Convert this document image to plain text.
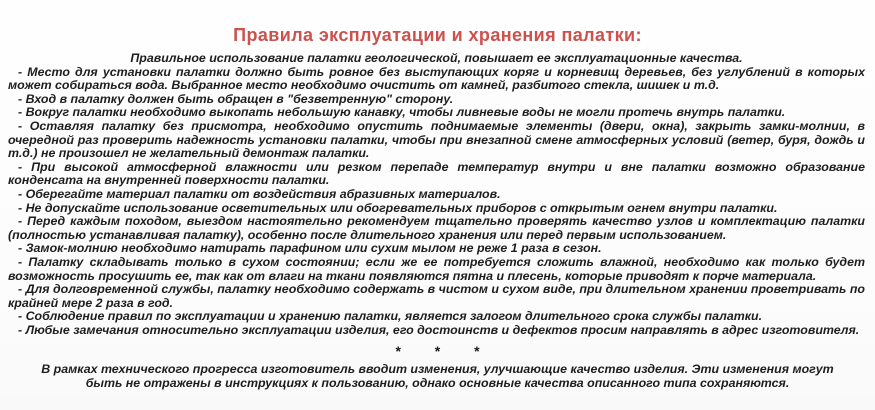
Правила эксплуатации и хранения палатки:

Правильное использование палатки геологической, повышает ее эксплуатационные качества.

- Место для установки палатки должно быть ровное без выступающих коряг и корневищ деревьев, без углублений в которых может собираться вода. Выбранное место необходимо очистить от камней, разбитого стекла, шишек и т.д.

- Вход в палатку должен быть обращен в "безветренную" сторону.

- Вокруг палатки необходимо выкопать небольшую канавку, чтобы ливневые воды не могли протечь внутрь палатки.

- Оставляя палатку без присмотра, необходимо опустить поднимаемые элементы (двери, окна), закрыть замки-молнии, в очередной раз проверить надежность установки палатки, чтобы при внезапной смене атмосферных условий (ветер, буря, дождь и т.д.) не произошел не желательный демонтаж палатки.

- При высокой атмосферной влажности или резком перепаде температур внутри и вне палатки возможно образование конденсата на внутренней поверхности палатки.

- Оберегайте материал палатки от воздействия абразивных материалов.

- Не допускайте использование осветительных или обогревательных приборов с открытым огнем внутри палатки.

- Перед каждым походом, выездом настоятельно рекомендуем тщательно проверять качество узлов и комплектацию палатки (полностью устанавливая палатку), особенно после длительного хранения или перед первым использованием.

- Замок-молнию необходимо натирать парафином или сухим мылом не реже 1 раза в сезон.

- Палатку складывать только в сухом состоянии; если же ее потребуется сложить влажной, необходимо как только будет возможность просушить ее, так как от влаги на ткани появляются пятна и плесень, которые приводят к порче материала.

- Для долговременной службы, палатку необходимо содержать в чистом и сухом виде, при длительном хранении проветривать по крайней мере 2 раза в год.

- Соблюдение правил по эксплуатации и хранению палатки, является залогом длительного срока службы палатки.

- Любые замечания относительно эксплуатации изделия, его достоинств и дефектов просим направлять в адрес изготовителя.

* * *

В рамках технического прогресса изготовитель вводит изменения, улучшающие качество изделия. Эти изменения могут быть не отражены в инструкциях к пользованию, однако основные качества описанного типа сохраняются.
